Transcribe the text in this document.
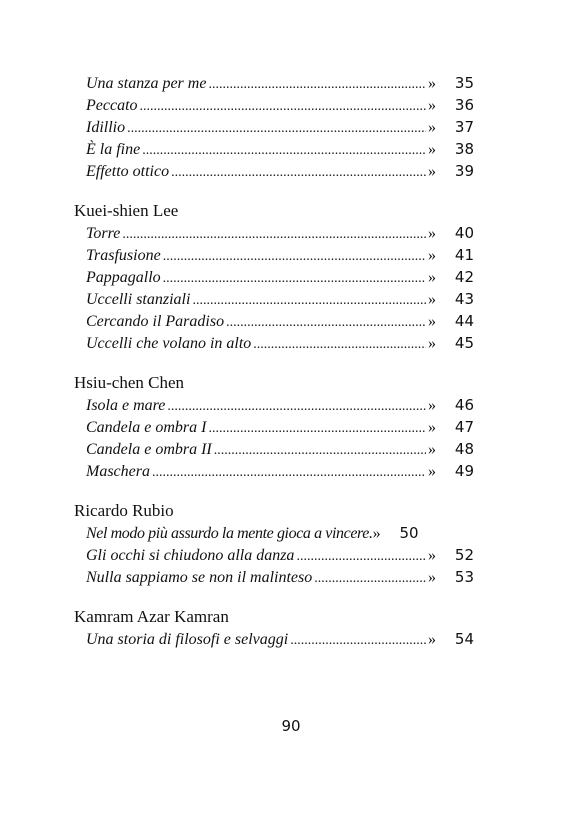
Una stanza per me .....	»	35
Peccato .....	»	36
Idillio .....	»	37
È la fine .....	»	38
Effetto ottico .....	»	39
Kuei-shien Lee
Torre .....	»	40
Trasfusione .....	»	41
Pappagallo .....	»	42
Uccelli stanziali .....	»	43
Cercando il Paradiso .....	»	44
Uccelli che volano in alto .....	»	45
Hsiu-chen Chen
Isola e mare .....	»	46
Candela e ombra I .....	»	47
Candela e ombra II .....	»	48
Maschera .....	»	49
Ricardo Rubio
Nel modo più assurdo la mente gioca a vincere. »	50
Gli occhi si chiudono alla danza .....	»	52
Nulla sappiamo se non il malinteso .....	»	53
Kamram Azar Kamran
Una storia di filosofi e selvaggi .....	»	54
90
